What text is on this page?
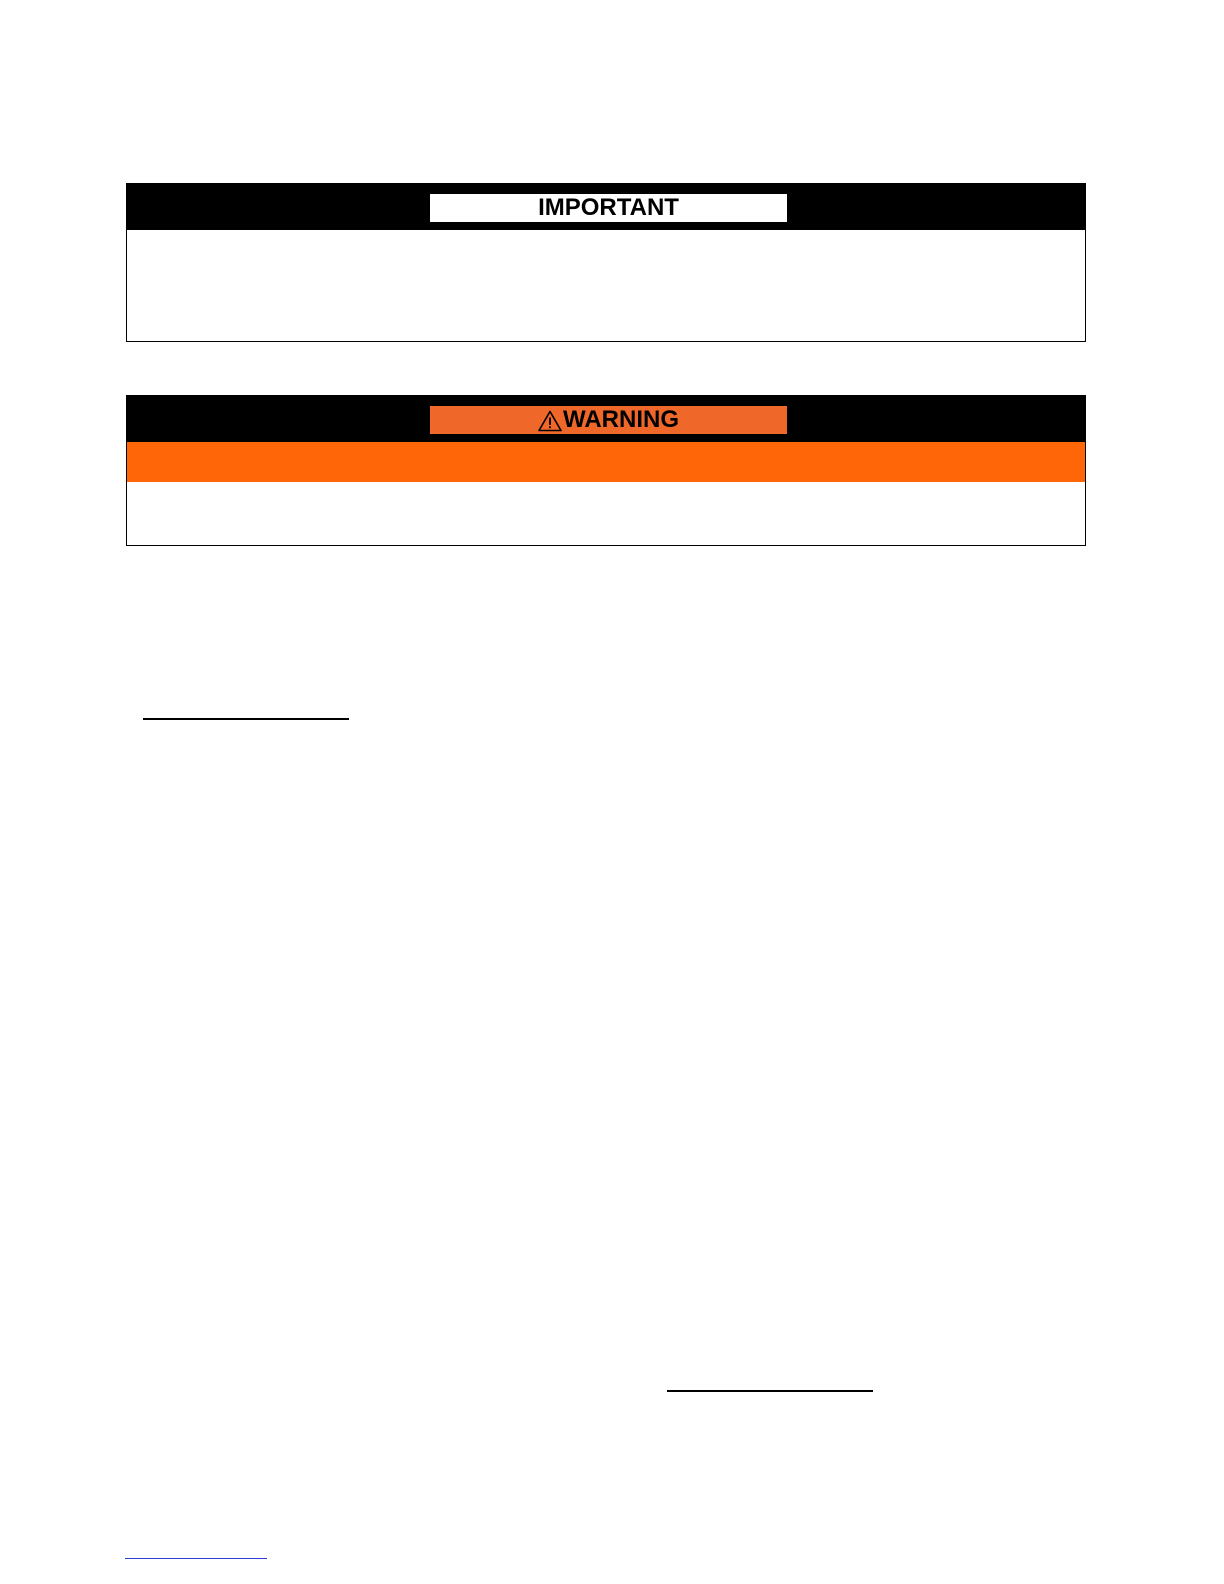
IMPORTANT
WARNING
